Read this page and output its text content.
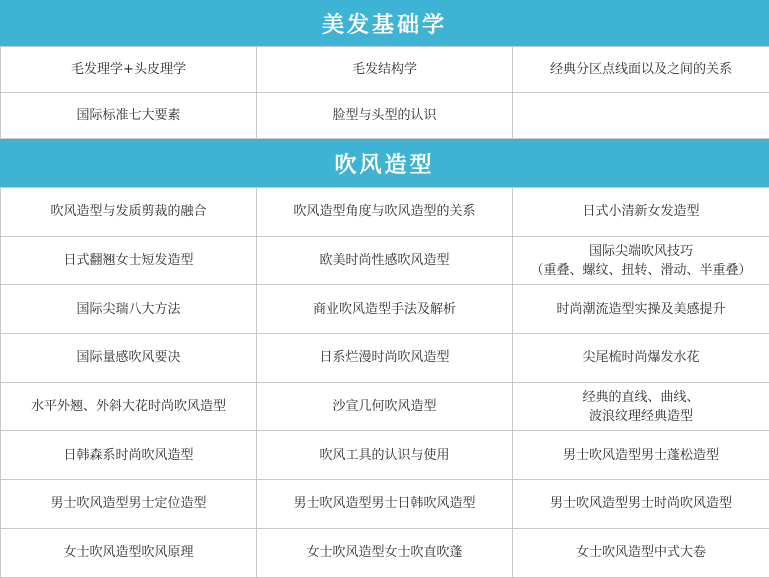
美发基础学
毛发理学+头皮理学	毛发结构学	经典分区点线面以及之间的关系
国际标准七大要素	脸型与头型的认识	
吹风造型
吹风造型与发质剪裁的融合	吹风造型角度与吹风造型的关系	日式小清新女发造型
日式翻翘女士短发造型	欧美时尚性感吹风造型	国际尖端吹风技巧
（重叠、螺纹、扭转、滑动、半重叠）
国际尖瑞八大方法	商业吹风造型手法及解析	时尚潮流造型实操及美感提升
国际量感吹风要决	日系烂漫时尚吹风造型	尖尾梳时尚爆发水花
水平外翘、外斜大花时尚吹风造型	沙宣几何吹风造型	经典的直线、曲线、
波浪纹理经典造型
日韩森系时尚吹风造型	吹风工具的认识与使用	男士吹风造型男士蓬松造型
男士吹风造型男士定位造型	男士吹风造型男士日韩吹风造型	男士吹风造型男士时尚吹风造型
女士吹风造型吹风原理	女士吹风造型女士吹直吹蓬	女士吹风造型中式大卷
